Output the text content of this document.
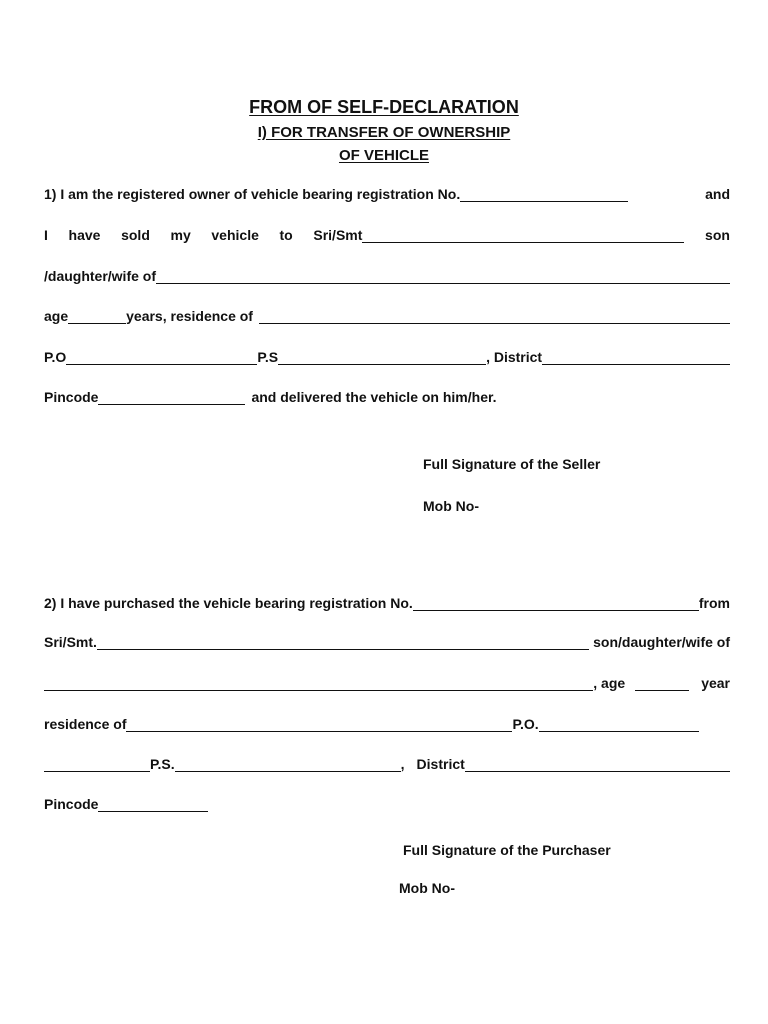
FROM OF SELF-DECLARATION
I) FOR TRANSFER OF OWNERSHIP
OF VEHICLE
1) I am the registered owner of vehicle bearing registration No.	and
I have sold my vehicle to Sri/Smt	son
/daughter/wife of
age	years, residence of
P.O	P.S	, District
Pincode	and delivered the vehicle on him/her.
Full Signature of the Seller
Mob No-
2) I have purchased the vehicle bearing registration No.	from
Sri/Smt.	son/daughter/wife of
, age	year
residence of	P.O.
P.S.	, District
Pincode
Full Signature of the Purchaser
Mob No-
